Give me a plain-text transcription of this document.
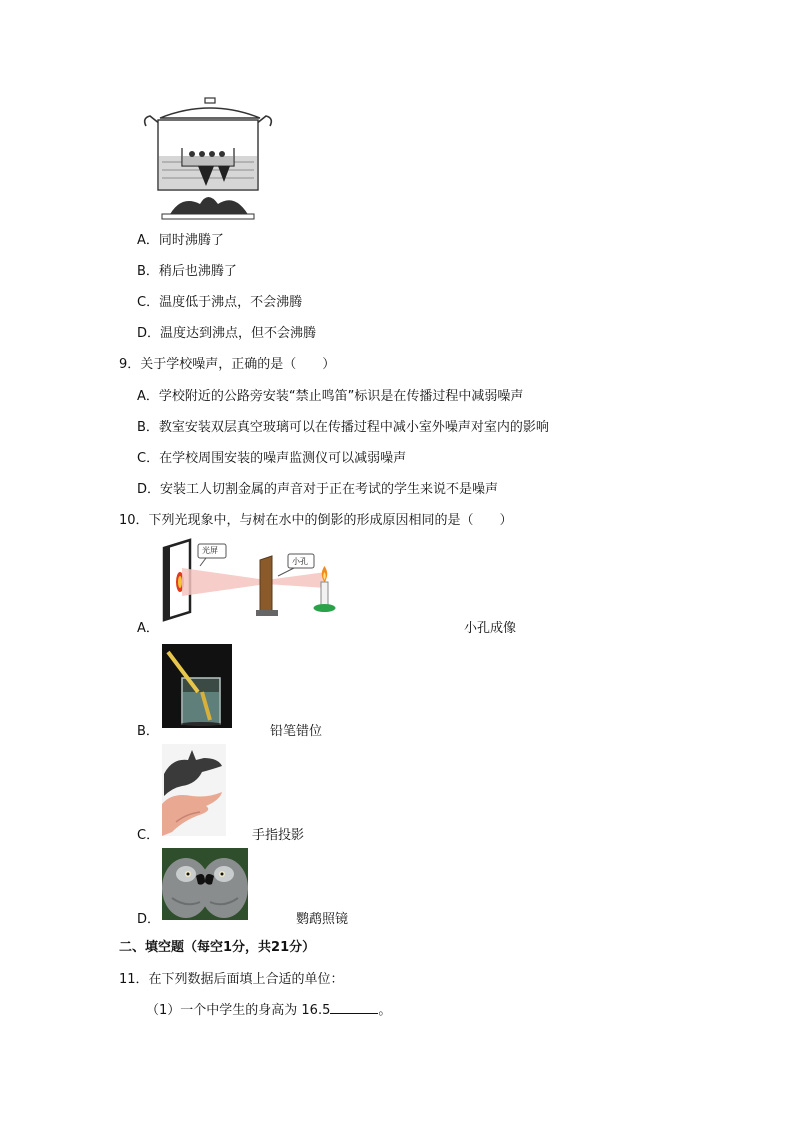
A．同时沸腾了
B．稍后也沸腾了
C．温度低于沸点，不会沸腾
D．温度达到沸点，但不会沸腾
9．关于学校噪声，正确的是（　　）
A．学校附近的公路旁安装“禁止鸣笛”标识是在传播过程中减弱噪声
B．教室安装双层真空玻璃可以在传播过程中减小室外噪声对室内的影响
C．在学校周围安装的噪声监测仪可以减弱噪声
D．安装工人切割金属的声音对于正在考试的学生来说不是噪声
10．下列光现象中，与树在水中的倒影的形成原因相同的是（　　）
光屏
小孔
A．	小孔成像
B．	铅笔错位
C．	手指投影
D．	鹦鹉照镜
二、填空题（每空1分，共21分）
11．在下列数据后面填上合适的单位：
（1）一个中学生的身高为 16.5	。
